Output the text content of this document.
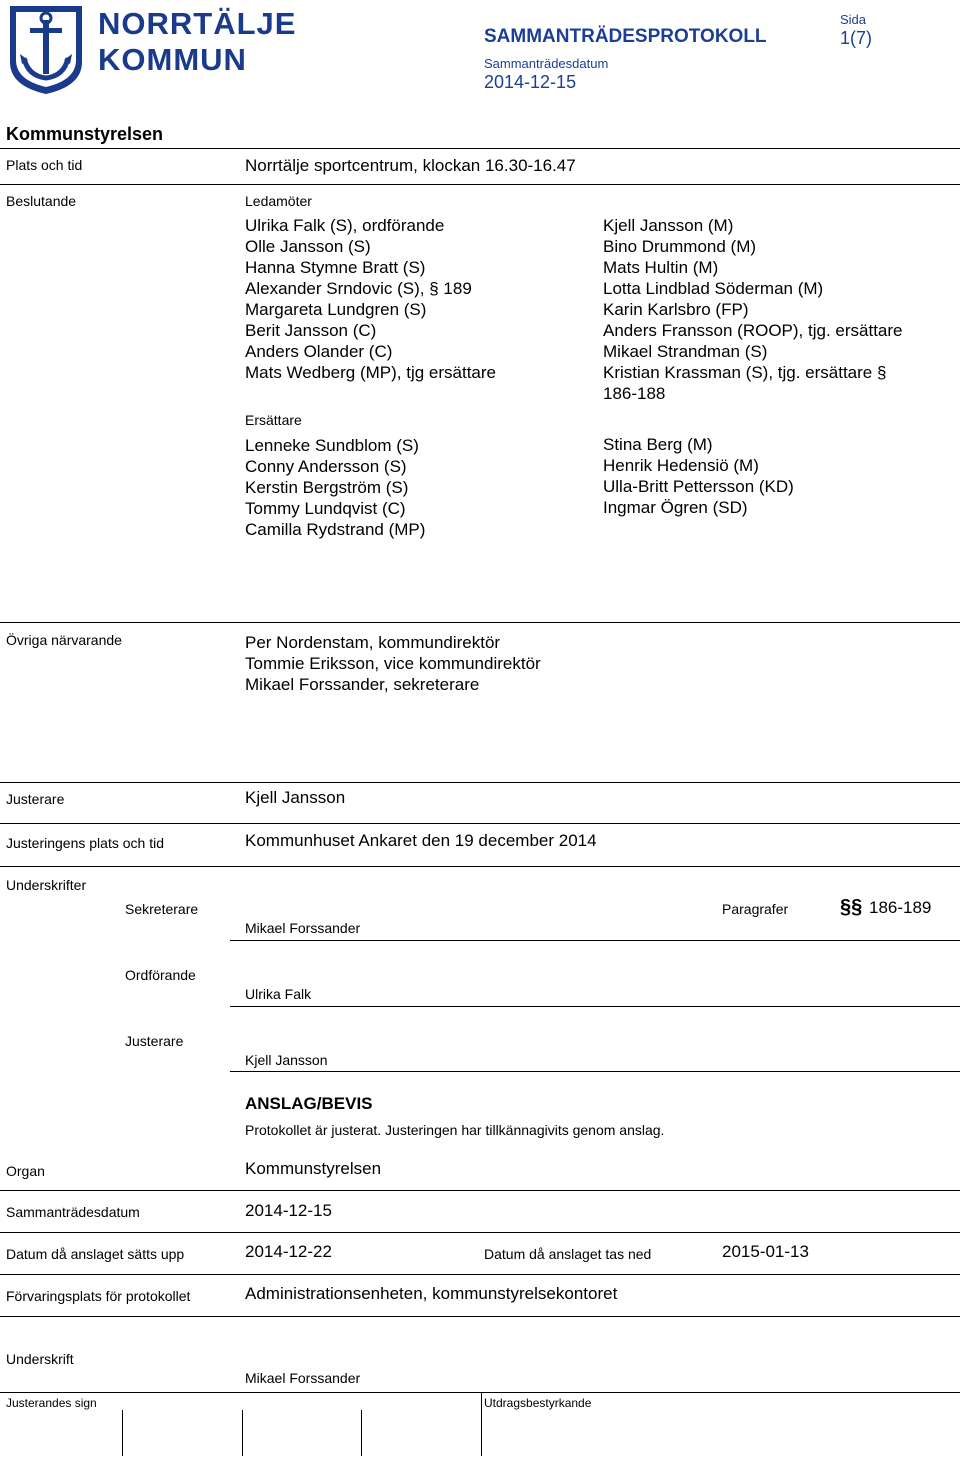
NORRTÄLJE
KOMMUN
SAMMANTRÄDESPROTOKOLL
Sammanträdesdatum
2014-12-15
Sida
1(7)
Kommunstyrelsen
Plats och tid	Norrtälje sportcentrum, klockan 16.30-16.47
Beslutande	Ledamöter
Ulrika Falk (S), ordförande
Olle Jansson (S)
Hanna Stymne Bratt (S)
Alexander Srndovic (S), § 189
Margareta Lundgren (S)
Berit Jansson (C)
Anders Olander (C)
Mats Wedberg (MP), tjg ersättare
Kjell Jansson (M)
Bino Drummond (M)
Mats Hultin (M)
Lotta Lindblad Söderman (M)
Karin Karlsbro (FP)
Anders Fransson (ROOP), tjg. ersättare
Mikael Strandman (S)
Kristian Krassman (S), tjg. ersättare §
186-188
Ersättare
Lenneke Sundblom (S)
Conny Andersson (S)
Kerstin Bergström (S)
Tommy Lundqvist (C)
Camilla Rydstrand (MP)
Stina Berg (M)
Henrik Hedensiö (M)
Ulla-Britt Pettersson (KD)
Ingmar Ögren (SD)
Övriga närvarande	Per Nordenstam, kommundirektör
Tommie Eriksson, vice kommundirektör
Mikael Forssander, sekreterare
Justerare	Kjell Jansson
Justeringens plats och tid	Kommunhuset Ankaret den 19 december 2014
Underskrifter
Sekreterare
Mikael Forssander
Paragrafer	§§ 186-189
Ordförande
Ulrika Falk
Justerare
Kjell Jansson
ANSLAG/BEVIS
Protokollet är justerat. Justeringen har tillkännagivits genom anslag.
Organ	Kommunstyrelsen
Sammanträdesdatum	2014-12-15
Datum då anslaget sätts upp	2014-12-22	Datum då anslaget tas ned	2015-01-13
Förvaringsplats för protokollet	Administrationsenheten, kommunstyrelsekontoret
Underskrift
Mikael Forssander
Justerandes sign	Utdragsbestyrkande
